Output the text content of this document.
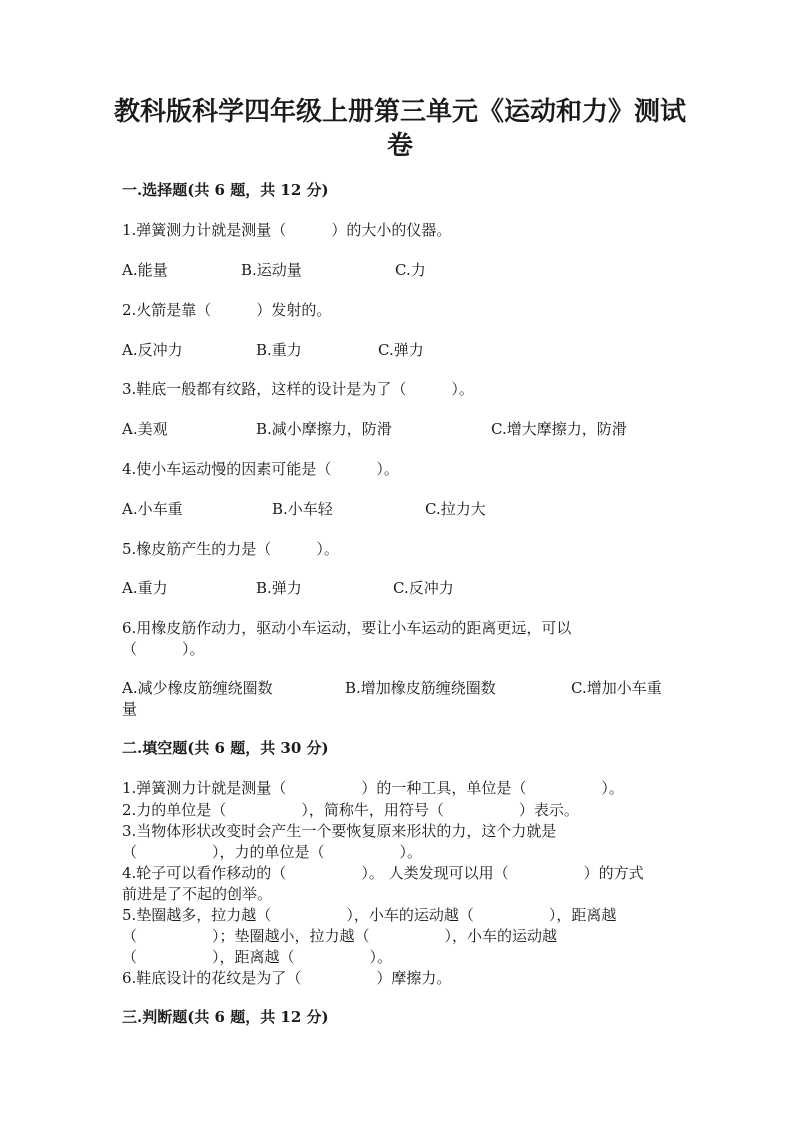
教科版科学四年级上册第三单元《运动和力》测试
卷
一.选择题(共 6 题，共 12 分)
1.弹簧测力计就是测量（　　　）的大小的仪器。
A.能量	B.运动量	C.力
2.火箭是靠（　　　）发射的。
A.反冲力	B.重力	C.弹力
3.鞋底一般都有纹路，这样的设计是为了（　　　）。
A.美观	B.减小摩擦力，防滑	C.增大摩擦力，防滑
4.使小车运动慢的因素可能是（　　　）。
A.小车重	B.小车轻	C.拉力大
5.橡皮筋产生的力是（　　　）。
A.重力	B.弹力	C.反冲力
6.用橡皮筋作动力，驱动小车运动，要让小车运动的距离更远，可以
（　　　）。
A.减少橡皮筋缠绕圈数	B.增加橡皮筋缠绕圈数	C.增加小车重
量
二.填空题(共 6 题，共 30 分)
1.弹簧测力计就是测量（　　　　　）的一种工具，单位是（　　　　　）。
2.力的单位是（　　　　　），简称牛，用符号（　　　　　）表示。
3.当物体形状改变时会产生一个要恢复原来形状的力，这个力就是
（　　　　　），力的单位是（　　　　　）。
4.轮子可以看作移动的（　　　　　）。 人类发现可以用（　　　　　）的方式
前进是了不起的创举。
5.垫圈越多，拉力越（　　　　　），小车的运动越（　　　　　），距离越
（　　　　　）；垫圈越小，拉力越（　　　　　），小车的运动越
（　　　　　），距离越（　　　　　）。
6.鞋底设计的花纹是为了（　　　　　）摩擦力。
三.判断题(共 6 题，共 12 分)
